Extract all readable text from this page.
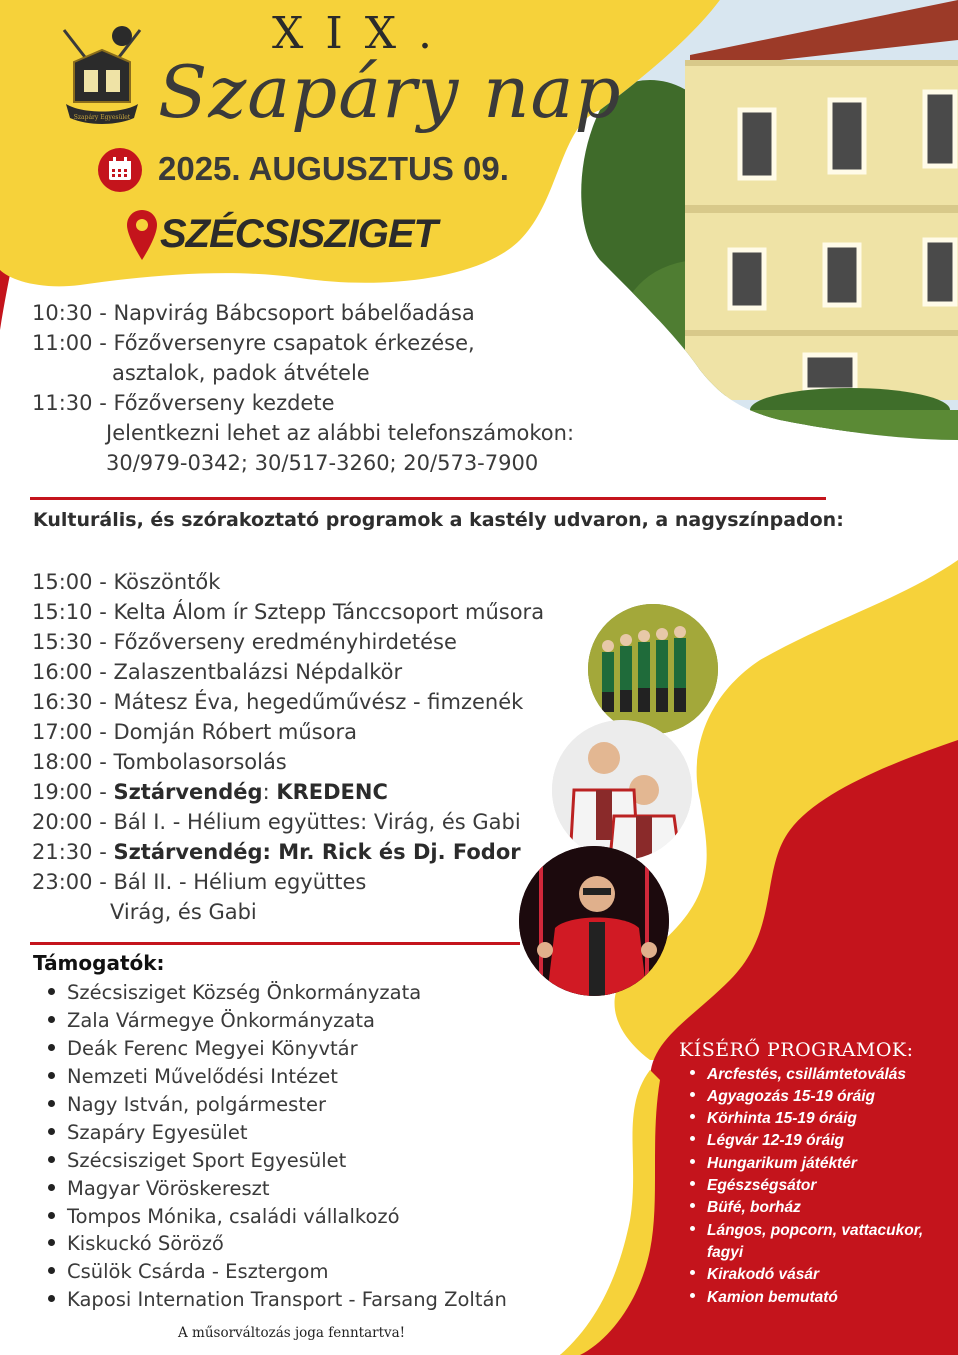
Szapáry Egyesület
XIX.
Szapáry nap
2025. AUGUSZTUS 09.
SZÉCSISZIGET
10:30 - Napvirág Bábcsoport bábelőadása
11:00 - Főzőversenyre csapatok érkezése,
asztalok, padok átvétele
11:30 - Főzőverseny kezdete
Jelentkezni lehet az alábbi telefonszámokon:
30/979-0342; 30/517-3260; 20/573-7900
Kulturális, és szórakoztató programok a kastély udvaron, a nagyszínpadon:
15:00 - Köszöntők
15:10 - Kelta Álom ír Sztepp Tánccsoport műsora
15:30 - Főzőverseny eredményhirdetése
16:00 - Zalaszentbalázsi Népdalkör
16:30 - Mátesz Éva, hegedűművész - fimzenék
17:00 - Domján Róbert műsora
18:00 - Tombolasorsolás
19:00 - Sztárvendég: KREDENC
20:00 - Bál I. - Hélium együttes: Virág, és Gabi
21:30 - Sztárvendég: Mr. Rick és Dj. Fodor
23:00 - Bál II. - Hélium együttes
Virág, és Gabi
Támogatók:
Szécsisziget Község Önkormányzata
Zala Vármegye Önkormányzata
Deák Ferenc Megyei Könyvtár
Nemzeti Művelődési Intézet
Nagy István, polgármester
Szapáry Egyesület
Szécsisziget Sport Egyesület
Magyar Vöröskereszt
Tompos Mónika, családi vállalkozó
Kiskuckó Söröző
Csülök Csárda - Esztergom
Kaposi Internation Transport - Farsang Zoltán
KÍSÉRŐ PROGRAMOK:
Arcfestés, csillámtetoválás
Agyagozás 15-19 óráig
Körhinta 15-19 óráig
Légvár 12-19 óráig
Hungarikum játéktér
Egészségsátor
Büfé, borház
Lángos, popcorn, vattacukor,
fagyi
Kirakodó vásár
Kamion bemutató
A műsorváltozás joga fenntartva!
